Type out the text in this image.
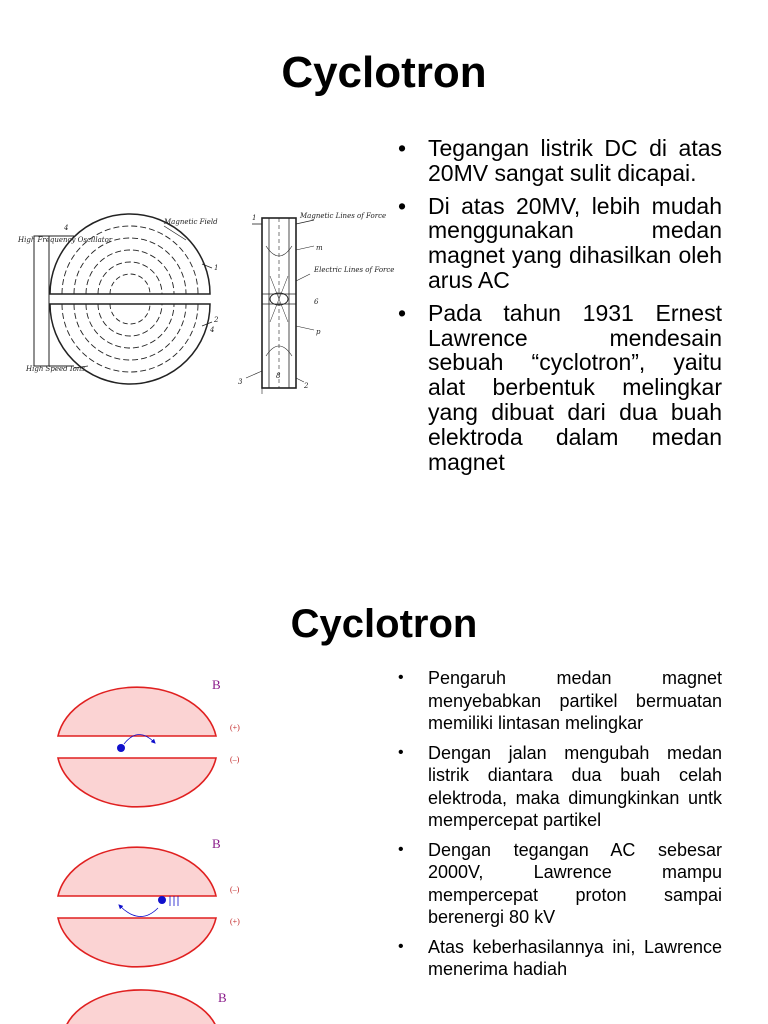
Cyclotron
High Frequency Oscillator
Magnetic Field
High Speed Ions
Magnetic Lines of Force
Electric Lines of Force
4
1
2
4
1
m
6
p
3	2
8
• Tegangan listrik DC di atas 20MV sangat sulit dicapai.
• Di atas 20MV, lebih mudah menggunakan medan magnet yang dihasilkan oleh arus AC
• Pada tahun 1931 Ernest Lawrence mendesain sebuah “cyclotron”, yaitu alat berbentuk melingkar yang dibuat dari dua buah elektroda dalam medan magnet
Cyclotron
B
(+)
(–)
B
(–)
(+)
B
• Pengaruh medan magnet menyebabkan partikel bermuatan memiliki lintasan melingkar
• Dengan jalan mengubah medan listrik diantara dua buah celah elektroda, maka dimungkinkan untk mempercepat partikel
• Dengan tegangan AC sebesar 2000V, Lawrence mampu mempercepat proton sampai berenergi 80 kV
• Atas keberhasilannya ini, Lawrence menerima hadiah
